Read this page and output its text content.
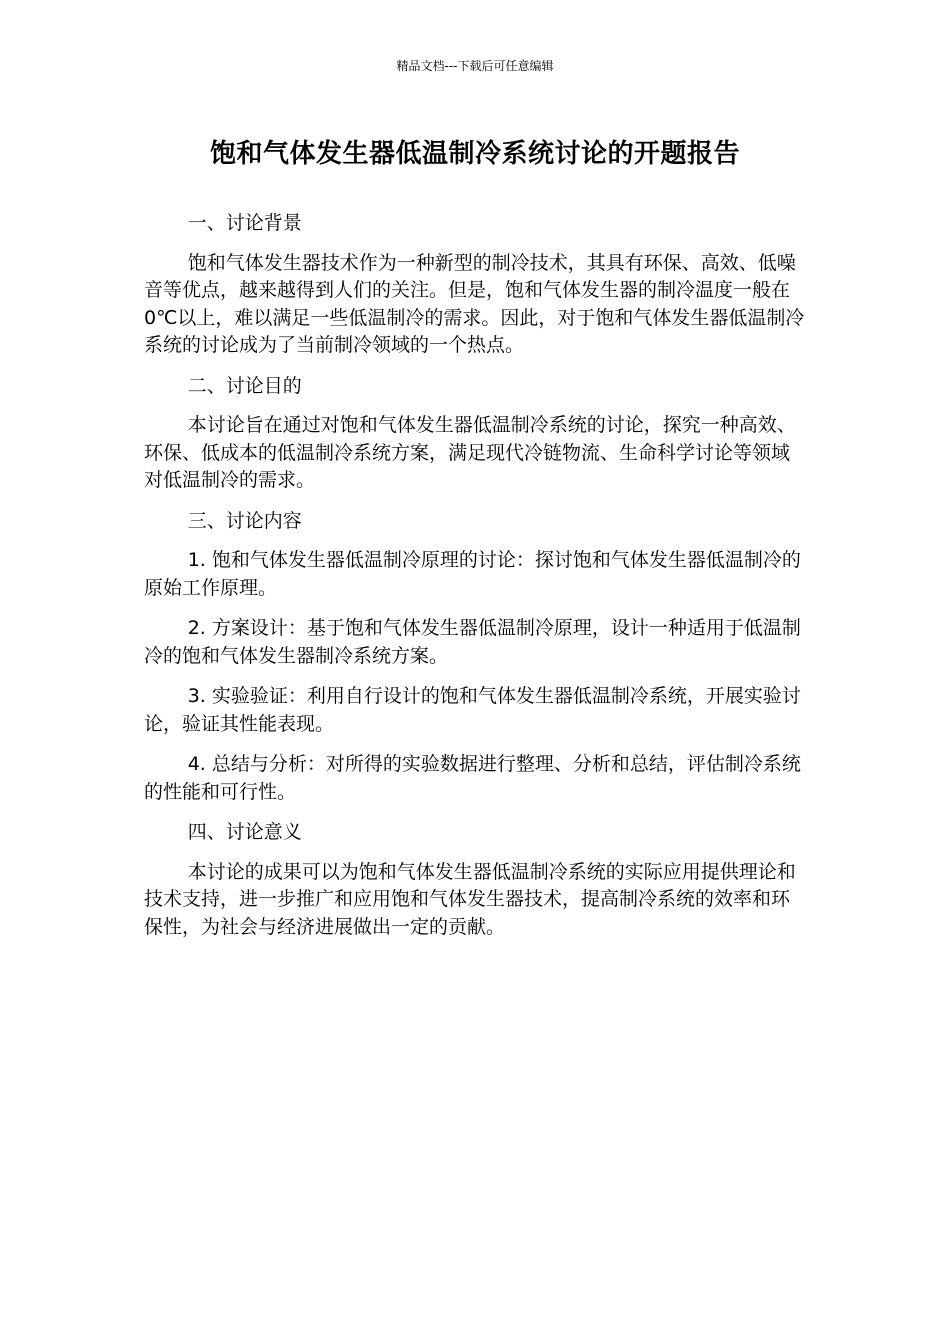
精品文档---下载后可任意编辑
饱和气体发生器低温制冷系统讨论的开题报告

一、讨论背景

饱和气体发生器技术作为一种新型的制冷技术，其具有环保、高效、低噪音等优点，越来越得到人们的关注。但是，饱和气体发生器的制冷温度一般在 0℃以上，难以满足一些低温制冷的需求。因此，对于饱和气体发生器低温制冷系统的讨论成为了当前制冷领域的一个热点。

二、讨论目的

本讨论旨在通过对饱和气体发生器低温制冷系统的讨论，探究一种高效、环保、低成本的低温制冷系统方案，满足现代冷链物流、生命科学讨论等领域对低温制冷的需求。

三、讨论内容

1. 饱和气体发生器低温制冷原理的讨论：探讨饱和气体发生器低温制冷的原始工作原理。

2. 方案设计：基于饱和气体发生器低温制冷原理，设计一种适用于低温制冷的饱和气体发生器制冷系统方案。

3. 实验验证：利用自行设计的饱和气体发生器低温制冷系统，开展实验讨论，验证其性能表现。

4. 总结与分析：对所得的实验数据进行整理、分析和总结，评估制冷系统的性能和可行性。

四、讨论意义

本讨论的成果可以为饱和气体发生器低温制冷系统的实际应用提供理论和技术支持，进一步推广和应用饱和气体发生器技术，提高制冷系统的效率和环保性，为社会与经济进展做出一定的贡献。
